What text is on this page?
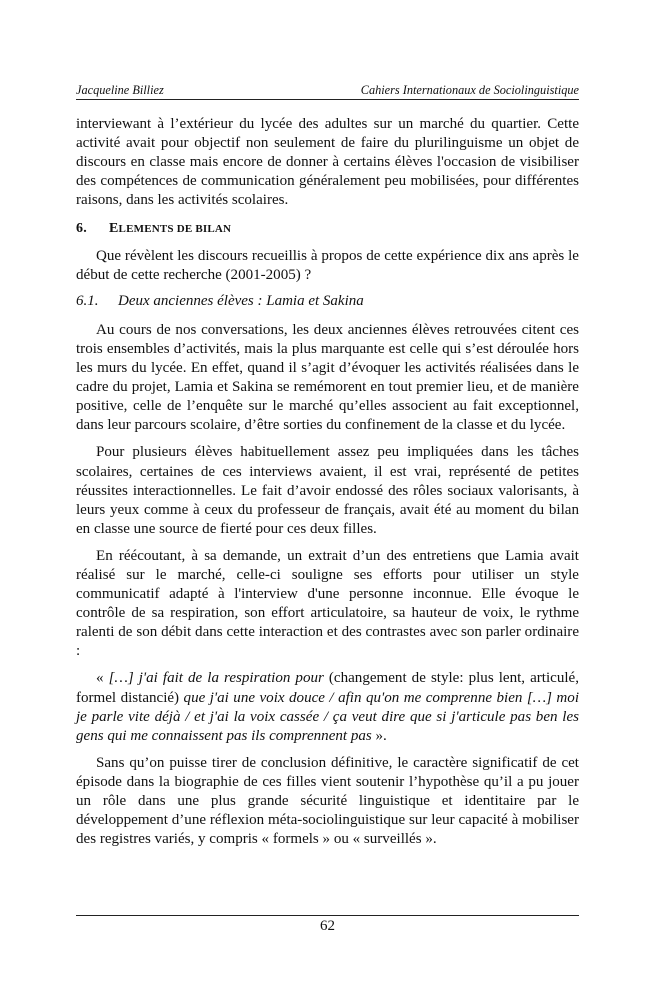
Jacqueline Billiez	Cahiers Internationaux de Sociolinguistique

interviewant à l’extérieur du lycée des adultes sur un marché du quartier. Cette activité avait pour objectif non seulement de faire du plurilinguisme un objet de discours en classe mais encore de donner à certains élèves l'occasion de visibiliser des compétences de communication généralement peu mobilisées, pour différentes raisons, dans les activités scolaires.

6. ELEMENTS DE BILAN

Que révèlent les discours recueillis à propos de cette expérience dix ans après le début de cette recherche (2001-2005) ?

6.1. Deux anciennes élèves : Lamia et Sakina

Au cours de nos conversations, les deux anciennes élèves retrouvées citent ces trois ensembles d’activités, mais la plus marquante est celle qui s’est déroulée hors les murs du lycée. En effet, quand il s’agit d’évoquer les activités réalisées dans le cadre du projet, Lamia et Sakina se remémorent en tout premier lieu, et de manière positive, celle de l’enquête sur le marché qu’elles associent au fait exceptionnel, dans leur parcours scolaire, d’être sorties du confinement de la classe et du lycée.

Pour plusieurs élèves habituellement assez peu impliquées dans les tâches scolaires, certaines de ces interviews avaient, il est vrai, représenté de petites réussites interactionnelles. Le fait d’avoir endossé des rôles sociaux valorisants, à leurs yeux comme à ceux du professeur de français, avait été au moment du bilan en classe une source de fierté pour ces deux filles.

En réécoutant, à sa demande, un extrait d’un des entretiens que Lamia avait réalisé sur le marché, celle-ci souligne ses efforts pour utiliser un style communicatif adapté à l'interview d'une personne inconnue. Elle évoque le contrôle de sa respiration, son effort articulatoire, sa hauteur de voix, le rythme ralenti de son débit dans cette interaction et des contrastes avec son parler ordinaire :

« […] j'ai fait de la respiration pour (changement de style: plus lent, articulé, formel distancié) que j'ai une voix douce / afin qu'on me comprenne bien […] moi je parle vite déjà / et j'ai la voix cassée / ça veut dire que si j'articule pas ben les gens qui me connaissent pas ils comprennent pas ».

Sans qu’on puisse tirer de conclusion définitive, le caractère significatif de cet épisode dans la biographie de ces filles vient soutenir l’hypothèse qu’il a pu jouer un rôle dans une plus grande sécurité linguistique et identitaire par le développement d’une réflexion méta-sociolinguistique sur leur capacité à mobiliser des registres variés, y compris « formels » ou « surveillés ».

62
